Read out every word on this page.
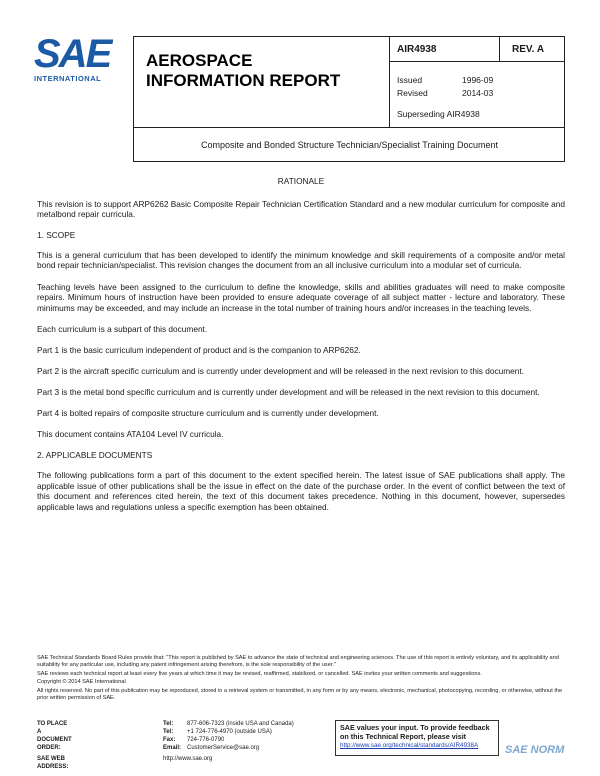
SAE
INTERNATIONAL
AEROSPACE
INFORMATION REPORT
AIR4938	REV. A
Issued	1996-09
Revised	2014-03
Superseding AIR4938
Composite and Bonded Structure Technician/Specialist Training Document

RATIONALE

This revision is to support ARP6262 Basic Composite Repair Technician Certification Standard and a new modular curriculum for composite and metalbond repair curricula.

1. SCOPE

This is a general curriculum that has been developed to identify the minimum knowledge and skill requirements of a composite and/or metal bond repair technician/specialist. This revision changes the document from an all inclusive curriculum into a modular set of curricula.

Teaching levels have been assigned to the curriculum to define the knowledge, skills and abilities graduates will need to make composite repairs. Minimum hours of instruction have been provided to ensure adequate coverage of all subject matter - lecture and laboratory. These minimums may be exceeded, and may include an increase in the total number of training hours and/or increases in the teaching levels.

Each curriculum is a subpart of this document.

Part 1 is the basic curriculum independent of product and is the companion to ARP6262.

Part 2 is the aircraft specific curriculum and is currently under development and will be released in the next revision to this document.

Part 3 is the metal bond specific curriculum and is currently under development and will be released in the next revision to this document.

Part 4 is bolted repairs of composite structure curriculum and is currently under development.

This document contains ATA104 Level IV curricula.

2. APPLICABLE DOCUMENTS

The following publications form a part of this document to the extent specified herein. The latest issue of SAE publications shall apply. The applicable issue of other publications shall be the issue in effect on the date of the purchase order. In the event of conflict between the text of this document and references cited herein, the text of this document takes precedence. Nothing in this document, however, supersedes applicable laws and regulations unless a specific exemption has been obtained.

SAE Technical Standards Board Rules provide that: "This report is published by SAE to advance the state of technical and engineering sciences. The use of this report is entirely voluntary, and its applicability and suitability for any particular use, including any patent infringement arising therefrom, is the sole responsibility of the user."

SAE reviews each technical report at least every five years at which time it may be revised, reaffirmed, stabilized, or cancelled. SAE invites your written comments and suggestions.

Copyright © 2014 SAE International

All rights reserved. No part of this publication may be reproduced, stored in a retrieval system or transmitted, in any form or by any means, electronic, mechanical, photocopying, recording, or otherwise, without the prior written permission of SAE.

TO PLACE A DOCUMENT ORDER:
Tel: 877-606-7323 (inside USA and Canada)
Tel: +1 724-776-4970 (outside USA)
Fax: 724-776-0790
Email: CustomerService@sae.org
SAE WEB ADDRESS:
http://www.sae.org
SAE values your input. To provide feedback
on this Technical Report, please visit
http://www.sae.org/technical/standards/AIR4938A	SAE NORM
